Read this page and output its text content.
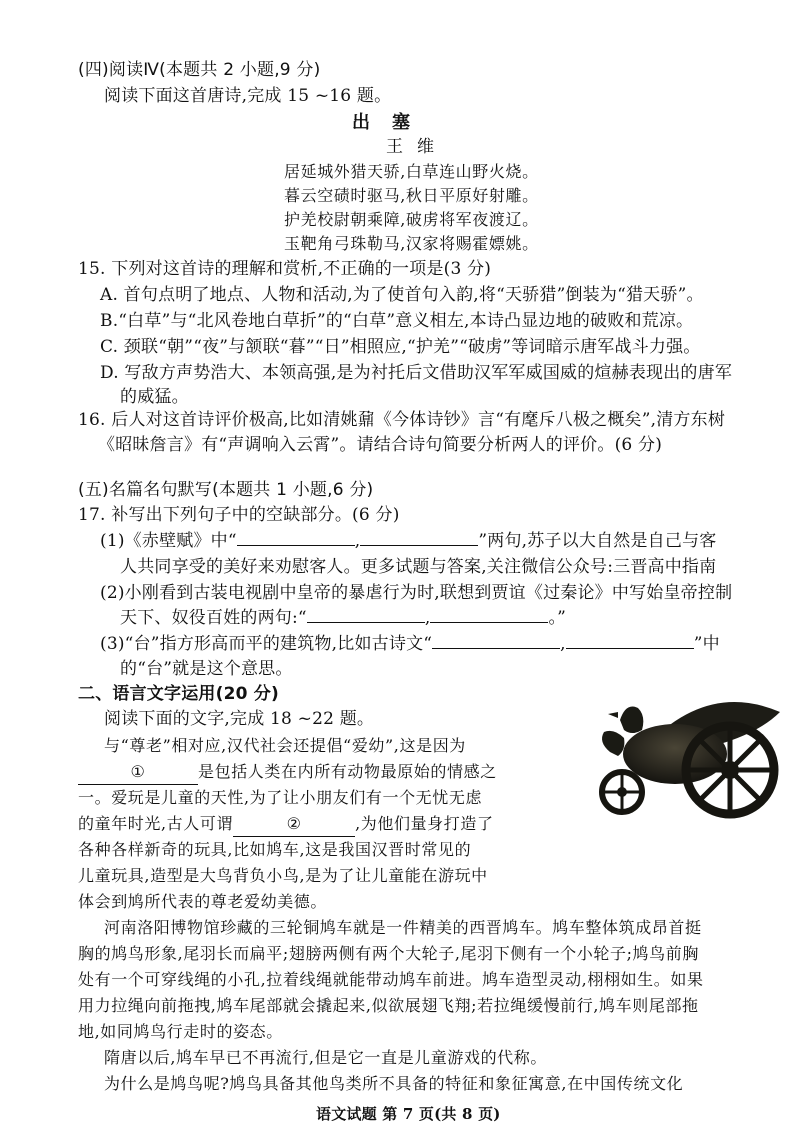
(四)阅读Ⅳ(本题共 2 小题,9 分)
阅读下面这首唐诗,完成 15 ~16 题。
出塞
王维
居延城外猎天骄,白草连山野火烧。
暮云空碛时驱马,秋日平原好射雕。
护羌校尉朝乘障,破虏将军夜渡辽。
玉靶角弓珠勒马,汉家将赐霍嫖姚。
15. 下列对这首诗的理解和赏析,不正确的一项是(3 分)
A. 首句点明了地点、人物和活动,为了使首句入韵,将“天骄猎”倒装为“猎天骄”。
B.“白草”与“北风卷地白草折”的“白草”意义相左,本诗凸显边地的破败和荒凉。
C. 颈联“朝”“夜”与颔联“暮”“日”相照应,“护羌”“破虏”等词暗示唐军战斗力强。
D. 写敌方声势浩大、本领高强,是为衬托后文借助汉军军威国威的煊赫表现出的唐军
的威猛。
16. 后人对这首诗评价极高,比如清姚鼐《今体诗钞》言“有麾斥八极之概矣”,清方东树
《昭昧詹言》有“声调响入云霄”。请结合诗句简要分析两人的评价。(6 分)
(五)名篇名句默写(本题共 1 小题,6 分)
17. 补写出下列句子中的空缺部分。(6 分)
(1)《赤壁赋》中“	,	”两句,苏子以大自然是自己与客
人共同享受的美好来劝慰客人。更多试题与答案,关注微信公众号:三晋高中指南
(2)小刚看到古装电视剧中皇帝的暴虐行为时,联想到贾谊《过秦论》中写始皇帝控制
天下、奴役百姓的两句:“	,	。”
(3)“台”指方形高而平的建筑物,比如古诗文“	,	”中
的“台”就是这个意思。
二、语言文字运用(20 分)
阅读下面的文字,完成 18 ~22 题。
与“尊老”相对应,汉代社会还提倡“爱幼”,这是因为
①	是包括人类在内所有动物最原始的情感之
一。爱玩是儿童的天性,为了让小朋友们有一个无忧无虑
的童年时光,古人可谓	②	,为他们量身打造了
各种各样新奇的玩具,比如鸠车,这是我国汉晋时常见的
儿童玩具,造型是大鸟背负小鸟,是为了让儿童能在游玩中
体会到鸠所代表的尊老爱幼美德。
河南洛阳博物馆珍藏的三轮铜鸠车就是一件精美的西晋鸠车。鸠车整体筑成昂首挺
胸的鸠鸟形象,尾羽长而扁平;翅膀两侧有两个大轮子,尾羽下侧有一个小轮子;鸠鸟前胸
处有一个可穿线绳的小孔,拉着线绳就能带动鸠车前进。鸠车造型灵动,栩栩如生。如果
用力拉绳向前拖拽,鸠车尾部就会撬起来,似欲展翅飞翔;若拉绳缓慢前行,鸠车则尾部拖
地,如同鸠鸟行走时的姿态。
隋唐以后,鸠车早已不再流行,但是它一直是儿童游戏的代称。
为什么是鸠鸟呢?鸠鸟具备其他鸟类所不具备的特征和象征寓意,在中国传统文化
语文试题 第 7 页(共 8 页)
